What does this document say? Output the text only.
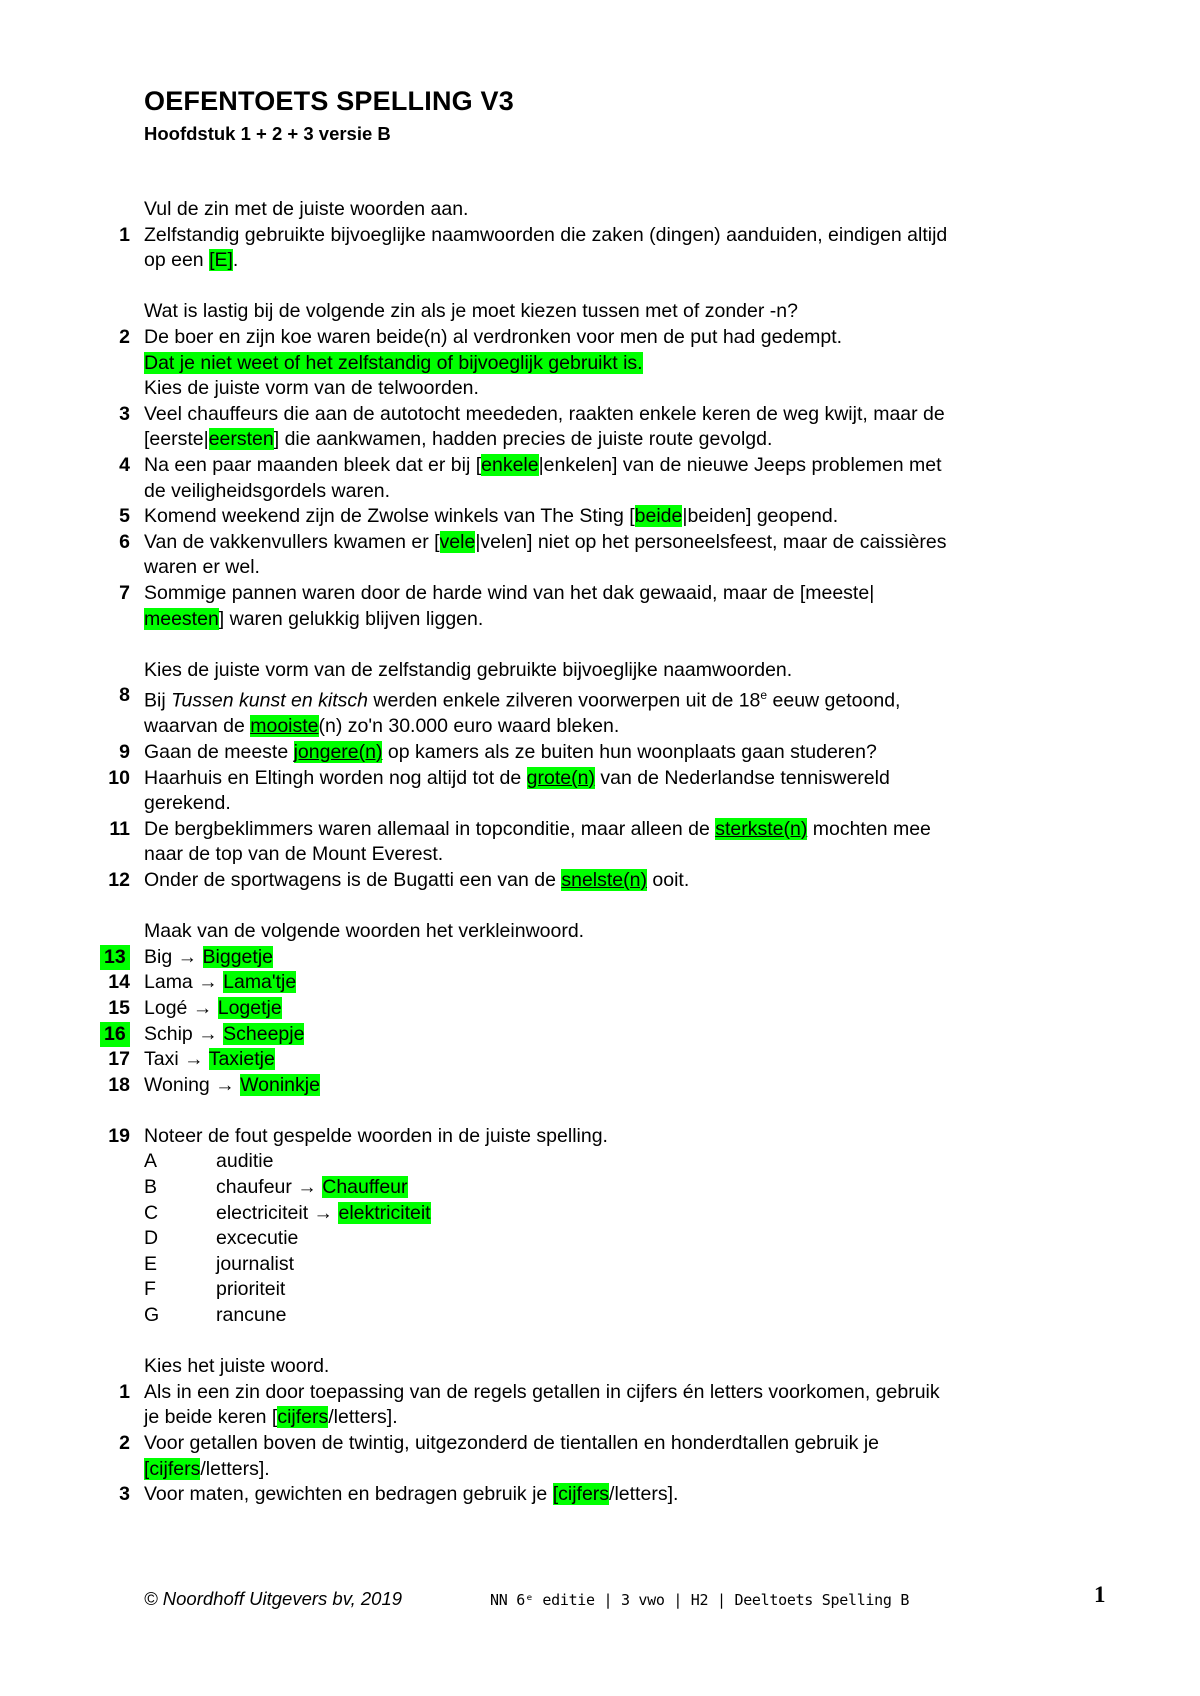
OEFENTOETS SPELLING V3
Hoofdstuk 1 + 2 + 3 versie B
Vul de zin met de juiste woorden aan.
1 Zelfstandig gebruikte bijvoeglijke naamwoorden die zaken (dingen) aanduiden, eindigen altijd
op een [E].
Wat is lastig bij de volgende zin als je moet kiezen tussen met of zonder -n?
2 De boer en zijn koe waren beide(n) al verdronken voor men de put had gedempt.
Dat je niet weet of het zelfstandig of bijvoeglijk gebruikt is.
Kies de juiste vorm van de telwoorden.
3 Veel chauffeurs die aan de autotocht meededen, raakten enkele keren de weg kwijt, maar de
[eerste|eersten] die aankwamen, hadden precies de juiste route gevolgd.
4 Na een paar maanden bleek dat er bij [enkele|enkelen] van de nieuwe Jeeps problemen met
de veiligheidsgordels waren.
5 Komend weekend zijn de Zwolse winkels van The Sting [beide|beiden] geopend.
6 Van de vakkenvullers kwamen er [vele|velen] niet op het personeelsfeest, maar de caissières
waren er wel.
7 Sommige pannen waren door de harde wind van het dak gewaaid, maar de [meeste|
meesten] waren gelukkig blijven liggen.
Kies de juiste vorm van de zelfstandig gebruikte bijvoeglijke naamwoorden.
8 Bij Tussen kunst en kitsch werden enkele zilveren voorwerpen uit de 18e eeuw getoond,
waarvan de mooiste(n) zo'n 30.000 euro waard bleken.
9 Gaan de meeste jongere(n) op kamers als ze buiten hun woonplaats gaan studeren?
10 Haarhuis en Eltingh worden nog altijd tot de grote(n) van de Nederlandse tenniswereld
gerekend.
11 De bergbeklimmers waren allemaal in topconditie, maar alleen de sterkste(n) mochten mee
naar de top van de Mount Everest.
12 Onder de sportwagens is de Bugatti een van de snelste(n) ooit.
Maak van de volgende woorden het verkleinwoord.
13 Big → Biggetje
14 Lama → Lama'tje
15 Logé → Logetje
16 Schip → Scheepje
17 Taxi → Taxietje
18 Woning → Woninkje
19 Noteer de fout gespelde woorden in de juiste spelling.
A	auditie
B	chaufeur → Chauffeur
C	electriciteit → elektriciteit
D	excecutie
E	journalist
F	prioriteit
G	rancune
Kies het juiste woord.
1 Als in een zin door toepassing van de regels getallen in cijfers én letters voorkomen, gebruik
je beide keren [cijfers/letters].
2 Voor getallen boven de twintig, uitgezonderd de tientallen en honderdtallen gebruik je
[cijfers/letters].
3 Voor maten, gewichten en bedragen gebruik je [cijfers/letters].
© Noordhoff Uitgevers bv, 2019	NN 6ᵉ editie | 3 vwo | H2 | Deeltoets Spelling B	1
